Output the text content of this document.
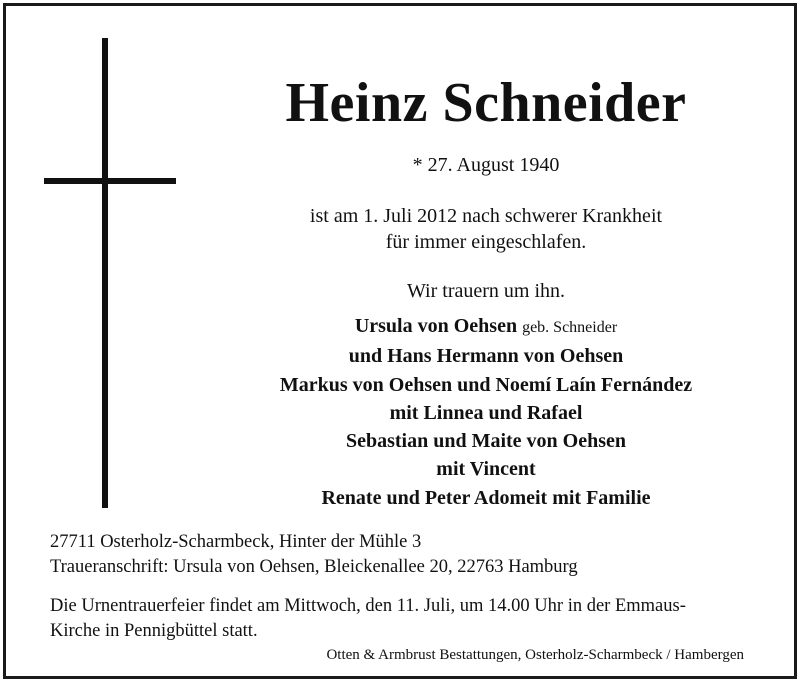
Heinz Schneider
* 27. August 1940
ist am 1. Juli 2012 nach schwerer Krankheit
für immer eingeschlafen.
Wir trauern um ihn.
Ursula von Oehsen geb. Schneider
und Hans Hermann von Oehsen
Markus von Oehsen und Noemí Laín Fernández
mit Linnea und Rafael
Sebastian und Maite von Oehsen
mit Vincent
Renate und Peter Adomeit mit Familie
27711 Osterholz-Scharmbeck, Hinter der Mühle 3
Traueranschrift: Ursula von Oehsen, Bleickenallee 20, 22763 Hamburg
Die Urnentrauerfeier findet am Mittwoch, den 11. Juli, um 14.00 Uhr in der Emmaus-
Kirche in Pennigbüttel statt.
Otten & Armbrust Bestattungen, Osterholz-Scharmbeck / Hambergen
